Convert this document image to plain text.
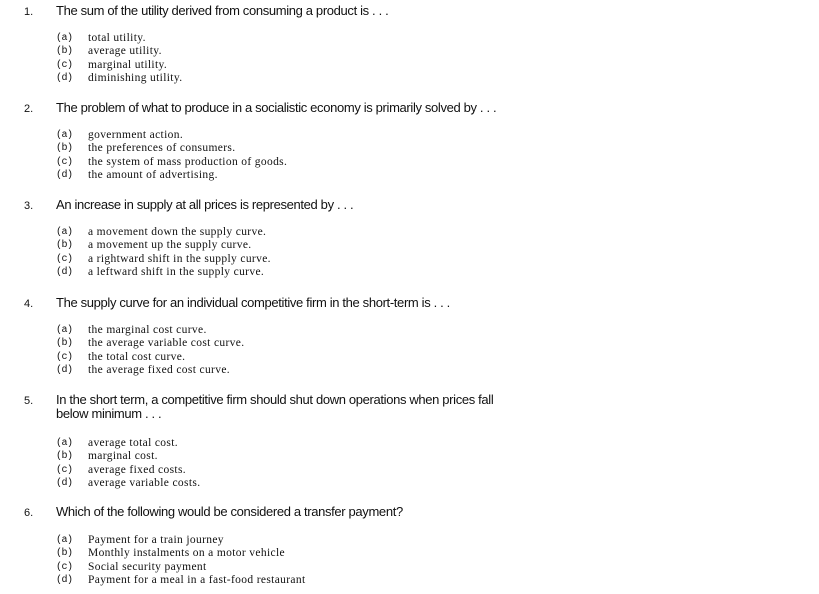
1. The sum of the utility derived from consuming a product is . . .
(a) total utility.
(b) average utility.
(c) marginal utility.
(d) diminishing utility.
2. The problem of what to produce in a socialistic economy is primarily solved by . . .
(a) government action.
(b) the preferences of consumers.
(c) the system of mass production of goods.
(d) the amount of advertising.
3. An increase in supply at all prices is represented by . . .
(a) a movement down the supply curve.
(b) a movement up the supply curve.
(c) a rightward shift in the supply curve.
(d) a leftward shift in the supply curve.
4. The supply curve for an individual competitive firm in the short-term is . . .
(a) the marginal cost curve.
(b) the average variable cost curve.
(c) the total cost curve.
(d) the average fixed cost curve.
5. In the short term, a competitive firm should shut down operations when prices fall below minimum . . .
(a) average total cost.
(b) marginal cost.
(c) average fixed costs.
(d) average variable costs.
6. Which of the following would be considered a transfer payment?
(a) Payment for a train journey
(b) Monthly instalments on a motor vehicle
(c) Social security payment
(d) Payment for a meal in a fast-food restaurant
